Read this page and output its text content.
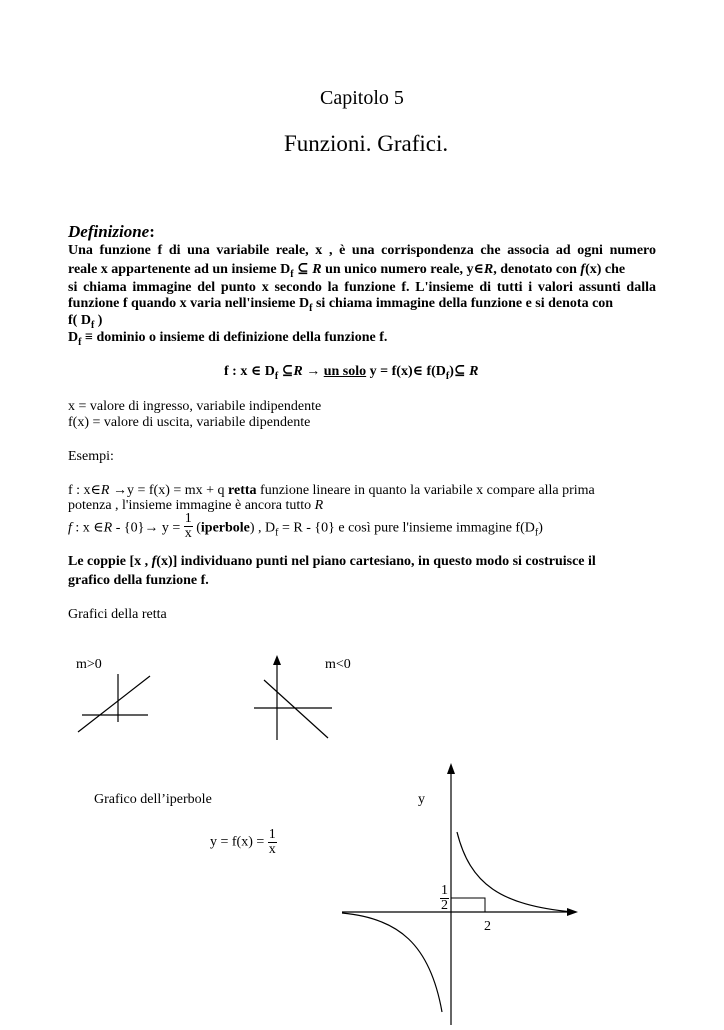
Capitolo 5
Funzioni. Grafici.
Definizione:
Una funzione f di una variabile reale, x , è una corrispondenza che associa ad ogni numero
reale x appartenente ad un insieme $D_f$ ⊆ R un unico numero reale, y∈R, denotato con f(x) che
si chiama immagine del punto x secondo la funzione f. L'insieme di tutti i valori assunti dalla
funzione f quando x varia nell'insieme $D_f$ si chiama immagine della funzione e si denota con
f( $D_f$ )
$D_f$ ≡ dominio o insieme di definizione della funzione f.
f : x ∈ $D_f$ ⊆R → un solo y = f(x)∈ $f(D_f)⊆$ R
x = valore di ingresso, variabile indipendente
f(x) = valore di uscita, variabile dipendente
Esempi:
f : x∈R →y = f(x) = mx + q retta funzione lineare in quanto la variabile x compare alla prima
potenza , l'insieme immagine è ancora tutto R
f : x ∈R - $\{0\}\to y = \frac{1}{x}$ (iperbole) , $D_f = R - \{0\}$ e così pure l'insieme immagine $f(D_f)$
Le coppie [x , f(x)] individuano punti nel piano cartesiano, in questo modo si costruisce il
grafico della funzione f.
Grafici della retta
m>0	m<0
Grafico dell’iperbole
$y = f(x) = \frac{1}{x}$
y
$\frac{1}{2}$
2
